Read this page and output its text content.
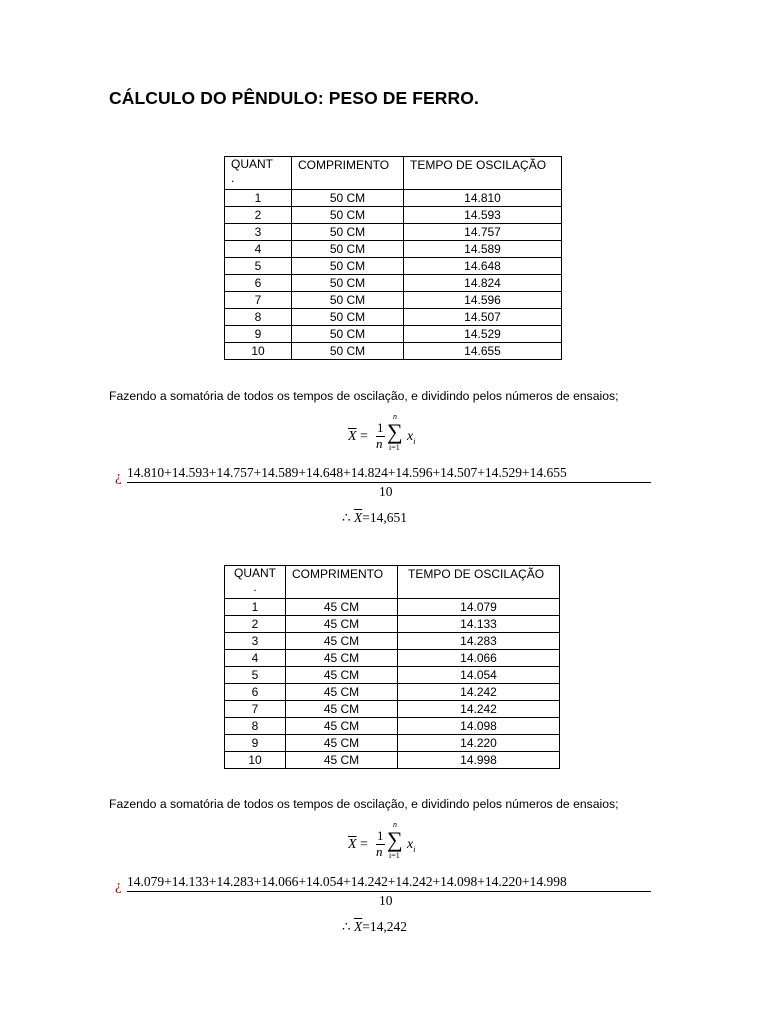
CÁLCULO DO PÊNDULO: PESO DE FERRO.
QUANT
.	COMPRIMENTO	TEMPO DE OSCILAÇÃO
1	50 CM	14.810
2	50 CM	14.593
3	50 CM	14.757
4	50 CM	14.589
5	50 CM	14.648
6	50 CM	14.824
7	50 CM	14.596
8	50 CM	14.507
9	50 CM	14.529
10	50 CM	14.655
Fazendo a somatória de todos os tempos de oscilação, e dividindo pelos números de ensaios;
$\overline{X}$ =
1
n
n
∑
i=1
$x_i$
¿ 14.810+14.593+14.757+14.589+14.648+14.824+14.596+14.507+14.529+14.655
10
∴ $\overline{X}=14,651$
QUANT
.	COMPRIMENTO	TEMPO DE OSCILAÇÃO
1	45 CM	14.079
2	45 CM	14.133
3	45 CM	14.283
4	45 CM	14.066
5	45 CM	14.054
6	45 CM	14.242
7	45 CM	14.242
8	45 CM	14.098
9	45 CM	14.220
10	45 CM	14.998
Fazendo a somatória de todos os tempos de oscilação, e dividindo pelos números de ensaios;
$\overline{X}$ =
1
n
n
∑
i=1
$x_i$
¿ 14.079+14.133+14.283+14.066+14.054+14.242+14.242+14.098+14.220+14.998
10
∴ $\overline{X}=14,242$
